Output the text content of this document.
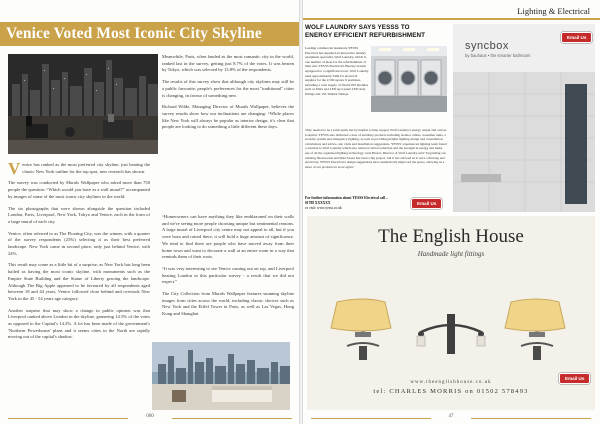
Venice Voted Most Iconic City Skyline

Venice has ranked as the most preferred city skyline, just beating the classic New York outline for the top spot, new research has shown.

The survey was conducted by Murals Wallpaper who asked more than 750 people the question: “Which would you have as a wall mural?” accompanied by images of some of the most iconic city skylines in the world.

The six photographs that were shown alongside the question included London, Paris, Liverpool, New York, Tokyo and Venice, each in the form of a large mural of each city.

Venice, often referred to as The Floating City, was the winner, with a quarter of the survey respondents (25%) selecting it as their best preferred landscape. New York came in second place, only just behind Venice, with 24%.

This result may come as a little bit of a surprise, as New York has long been hailed as having the most iconic skyline, with monuments such as the Empire State Building and the Statue of Liberty gracing the landscape. Although The Big Apple appeared to be favoured by all respondents aged between 18 and 44 years, Venice followed close behind and overtook New York in the 45 - 54 years age category.

Another surprise that may show a change in public opinion was that Liverpool ranked above London in the skyline, garnering 14.5% of the votes as opposed to the Capital's 14.2%. A lot has been made of the government's 'Northern Powerhouse' plans and it seems cities in the North are rapidly moving out of the capital's shadow.

Meanwhile, Paris, often lauded as the most romantic city in the world, ranked last in the survey, getting just 8.7% of the votes. It was beaten by Tokyo, which was selected by 13.8% of the respondents.

The results of this survey show that although city skylines may still be a public favourite, people's preferences for the most "traditional" cities is changing, in favour of something new.

Richard Wilde, Managing Director of Murals Wallpaper, believes the survey results show how our inclinations are changing: “While places like New York will always be popular as interior design, it's clear that people are looking to do something a little different these days.

“Homeowners can have anything they like emblazoned on their walls and we're seeing more people choosing unique but sentimental reasons. A large mural of Liverpool city centre may not appeal to all, but if you were born and raised there, it will hold a huge amount of significance. We tend to find there are people who have moved away from their home town and want to decorate a wall at an entire room in a way that reminds them of their roots.

“It was very interesting to see Venice coming out on top, and Liverpool beating London in this particular survey - a result that we did not expect.”

The City Collection from Murals Wallpaper features stunning skyline images from cities across the world, including classic choices such as New York and the Eiffel Tower in Paris, as well as Las Vegas, Hong Kong and Shanghai.

000
Lighting & Electrical
WOLF LAUNDRY SAYS YESSS TO
ENERGY EFFICIENT REFURBISHMENT
Leading commercial laundrette YESSS Electrical has supplied an innovative laundry equipment specialist, Wolf Laundry, which is one number of ideas for the refurbishment of their new YESSS Electrical's Bursley branch equipped for a significant boost. Wolf Laundry used approximately £40k for electrical supplies for the 2,500 square ft premises, including a total supply of fixed LED modules such as Mitrs and LED spot panel LED strip fittings and 150 Tubular fittings.
They needed to be a team quick but by helpful to help support Wolf Laundry's energy output and carbon footprint. YESSS also delivered a host of auxiliary products including isolator cables, consumer units, a security system and emergency lighting, as well as providing helpful lighting design and consultation, calculations and advice, site visits and installation suggestions. YESSS' experienced lighting team found a solution to Wolf Laundry which also reduced carbon reduction and the strength in energy and make use of all the organised lighting technology. Jack Hearst, Director of Wolf Laundry said "Upgrading our existing fluorescents and Mist Sweet has been a big project, but it has allowed us to save a lifelong and electricity. YESSS Electrical's design suggestions have aesthetically improved the space, allowing us a more of our products in store again."
For further information about YESSS Electrical call –
01788 XXXXXX
or visit: www.yesss.co.uk
Email Us
syncbox
by bauhaus • the smarter bathroom
Email Us
The English House
Handmade light fittings
www.theenglishhouse.co.uk
tel: CHARLES MORRIS on 01502 578493
Email Us
47
